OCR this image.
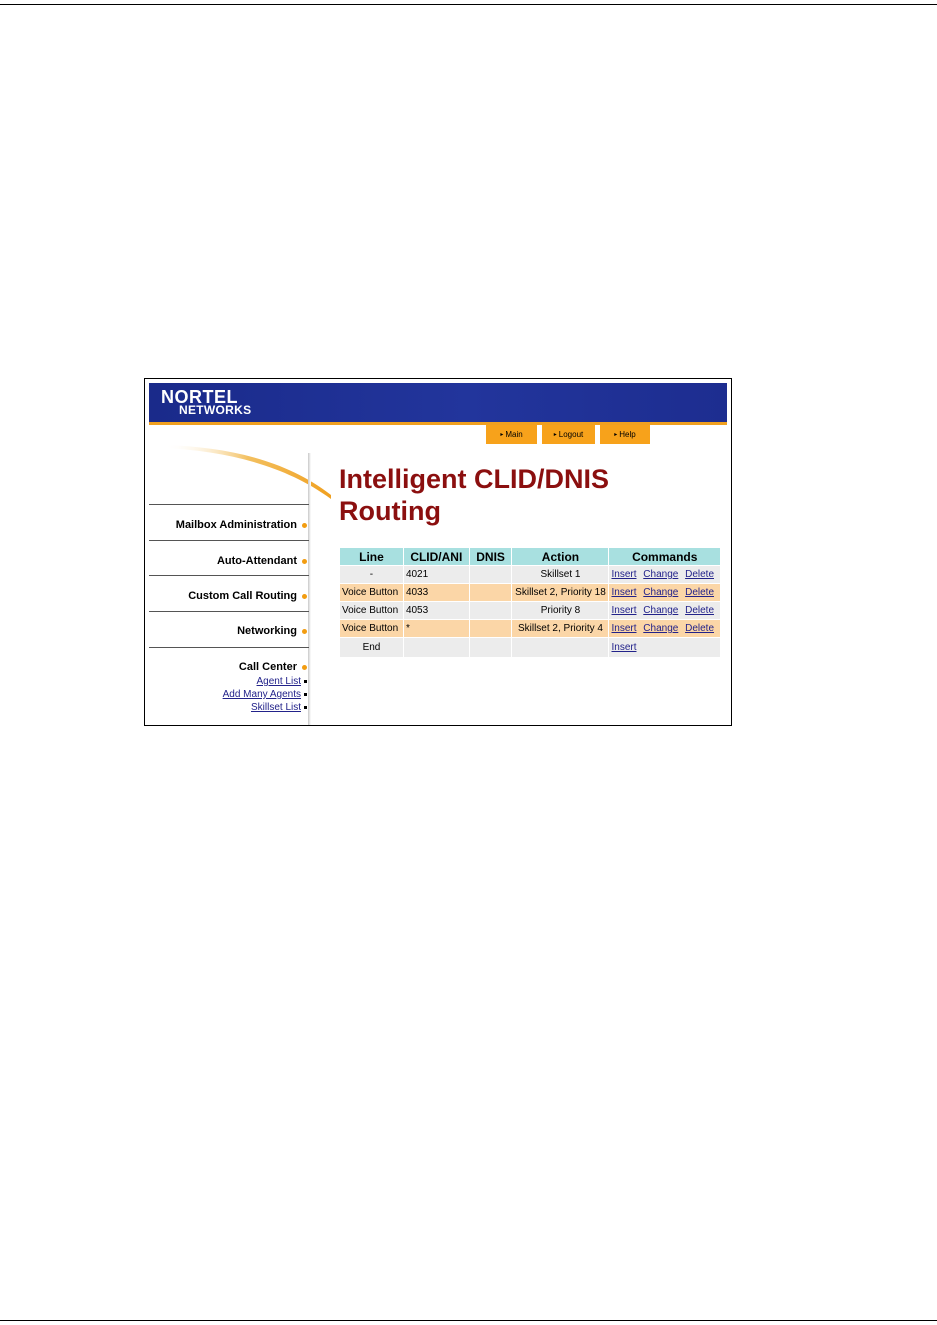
NORTEL
NETWORKS
▸ Main	▸ Logout	▸ Help
Mailbox Administration
Auto-Attendant
Custom Call Routing
Networking
Call Center
Agent List
Add Many Agents
Skillset List
Intelligent CLID/DNIS Routing
Line	CLID/ANI	DNIS	Action	Commands
-	4021		Skillset 1	Insert Change Delete
Voice Button	4033		Skillset 2, Priority 18	Insert Change Delete
Voice Button	4053		Priority 8	Insert Change Delete
Voice Button	*		Skillset 2, Priority 4	Insert Change Delete
End				Insert
